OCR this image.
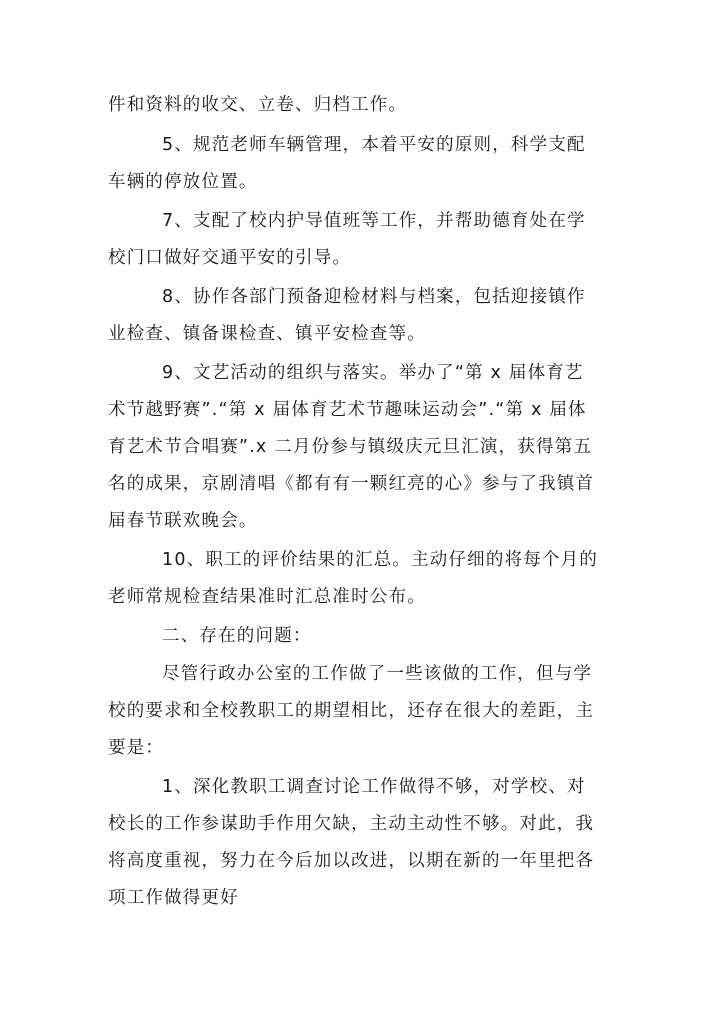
件和资料的收交、立卷、归档工作。
5、规范老师车辆管理，本着平安的原则，科学支配
车辆的停放位置。
7、支配了校内护导值班等工作，并帮助德育处在学
校门口做好交通平安的引导。
8、协作各部门预备迎检材料与档案，包括迎接镇作
业检查、镇备课检查、镇平安检查等。
9、文艺活动的组织与落实。举办了“第 x 届体育艺
术节越野赛”.“第 x 届体育艺术节趣味运动会”.“第 x 届体
育艺术节合唱赛”.x 二月份参与镇级庆元旦汇演，获得第五
名的成果，京剧清唱《都有有一颗红亮的心》参与了我镇首
届春节联欢晚会。
10、职工的评价结果的汇总。主动仔细的将每个月的
老师常规检查结果准时汇总准时公布。
二、存在的问题：
尽管行政办公室的工作做了一些该做的工作，但与学
校的要求和全校教职工的期望相比，还存在很大的差距，主
要是：
1、深化教职工调查讨论工作做得不够，对学校、对
校长的工作参谋助手作用欠缺，主动主动性不够。对此，我
将高度重视，努力在今后加以改进，以期在新的一年里把各
项工作做得更好
